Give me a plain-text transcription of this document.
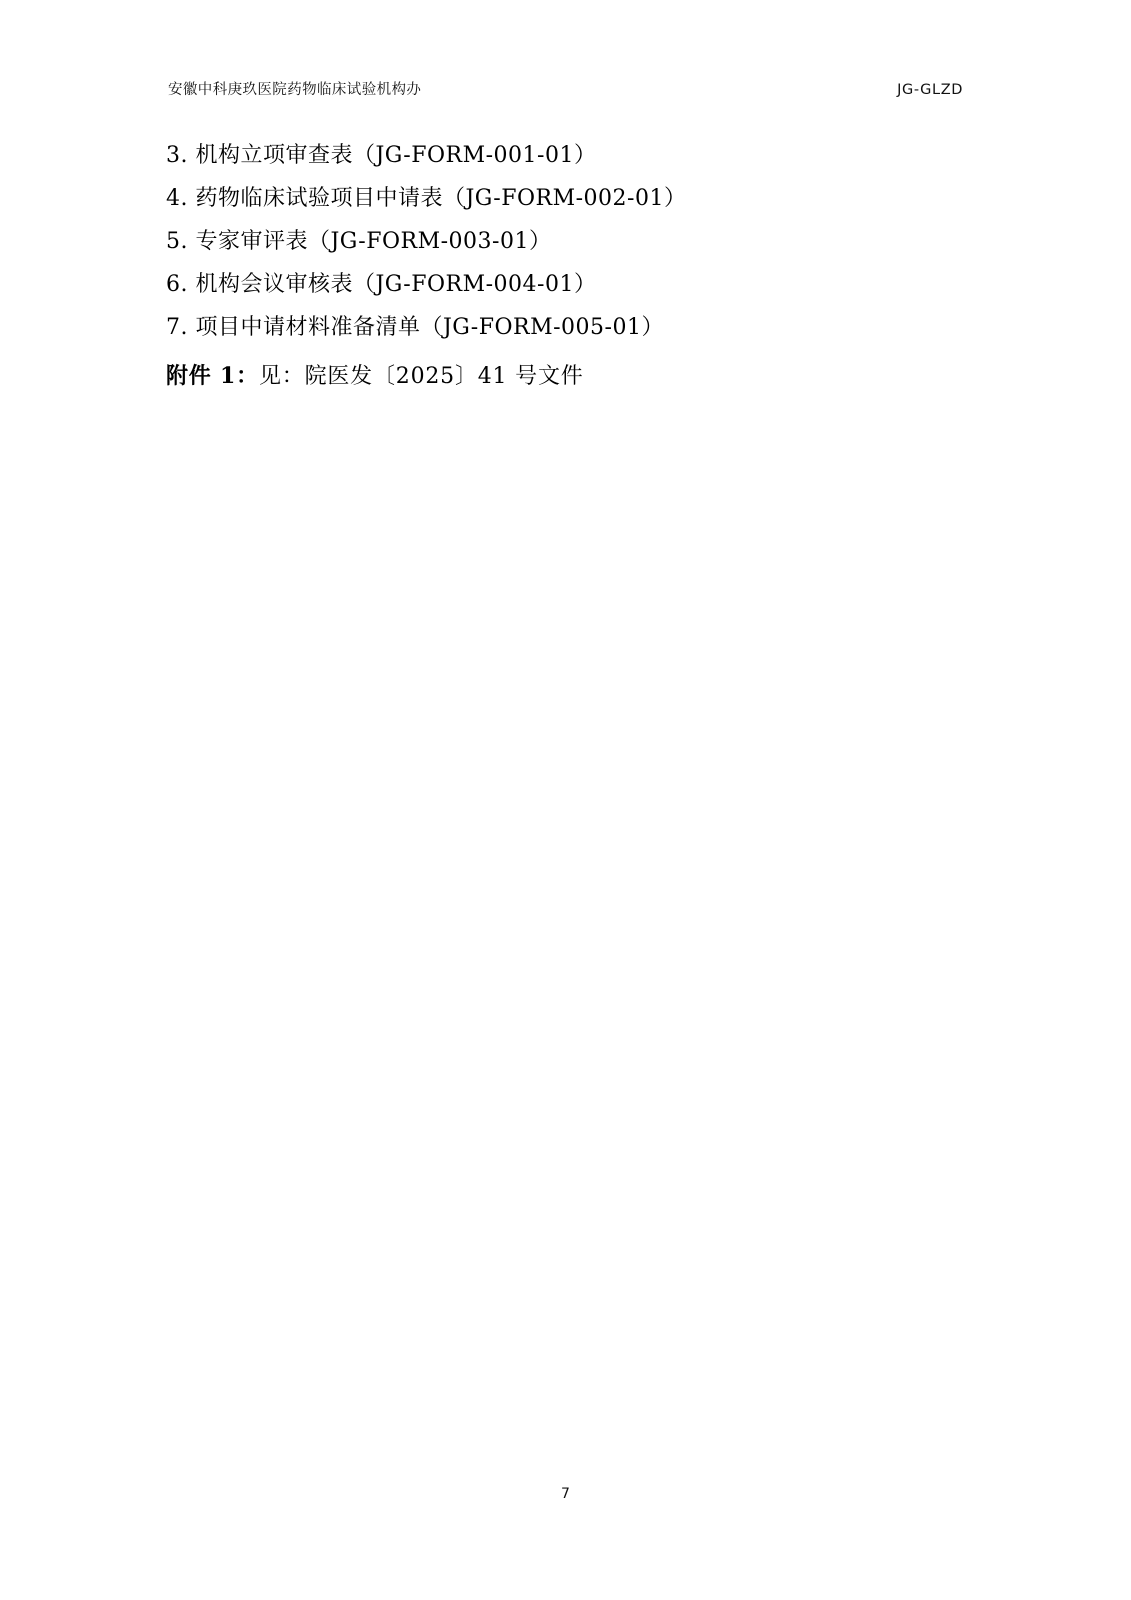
安徽中科庚玖医院药物临床试验机构办	JG-GLZD
3. 机构立项审查表（JG-FORM-001-01）
4. 药物临床试验项目中请表（JG-FORM-002-01）
5. 专家审评表（JG-FORM-003-01）
6. 机构会议审核表（JG-FORM-004-01）
7. 项目中请材料准备清单（JG-FORM-005-01）
附件 1：见：院医发〔2025〕41 号文件
7
